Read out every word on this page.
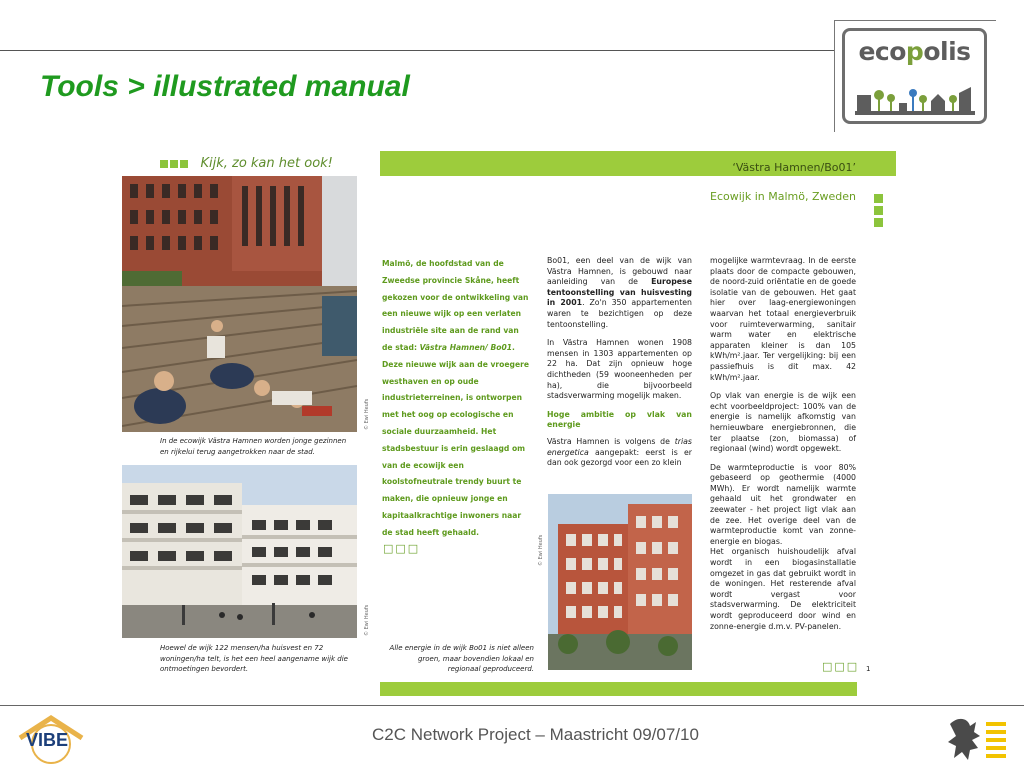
Tools > illustrated manual
ecopolis
© Ewi Heufs
In de ecowijk Västra Hamnen worden jonge gezinnen en rijkelui terug aangetrokken naar de stad.
© Ewi Heufs
Hoewel de wijk 122 mensen/ha huisvest en 72 woningen/ha telt, is het een heel aangename wijk die ontmoetingen bevordert.
Kijk, zo kan het ook!	‘Västra Hamnen/Bo01’
Ecowijk in Malmö, Zweden
Malmö, de hoofdstad van de Zweedse provincie Skåne, heeft gekozen voor de ontwikkeling van een nieuwe wijk op een verlaten industriële site aan de rand van de stad: Västra Hamnen/ Bo01. Deze nieuwe wijk aan de vroegere westhaven en op oude industrieterreinen, is ontworpen met het oog op ecologische en sociale duurzaamheid. Het stadsbestuur is erin geslaagd om van de ecowijk een koolstofneutrale trendy buurt te maken, die opnieuw jonge en kapitaalkrachtige inwoners naar de stad heeft gehaald.
□□□

Bo01, een deel van de wijk van Västra Hamnen, is gebouwd naar aanleiding van de Europese tentoonstelling van huisvesting in 2001. Zo'n 350 appartementen waren te bezichtigen op deze tentoonstelling.

In Västra Hamnen wonen 1908 mensen in 1303 appartementen op 22 ha. Dat zijn opnieuw hoge dichtheden (59 wooneenheden per ha), die bijvoorbeeld stadsverwarming mogelijk maken.

Hoge ambitie op vlak van energie

Västra Hamnen is volgens de trias energetica aangepakt: eerst is er dan ook gezorgd voor een zo klein

© Ewi Heufs
Alle energie in de wijk Bo01 is niet alleen groen, maar bovendien lokaal en regionaal geproduceerd.

mogelijke warmtevraag. In de eerste plaats door de compacte gebouwen, de noord-zuid oriëntatie en de goede isolatie van de gebouwen. Het gaat hier over laag-energiewoningen waarvan het totaal energieverbruik voor ruimteverwarming, sanitair warm water en elektrische apparaten kleiner is dan 105 kWh/m².jaar. Ter vergelijking: bij een passiefhuis is dit max. 42 kWh/m².jaar.

Op vlak van energie is de wijk een echt voorbeeldproject: 100% van de energie is namelijk afkomstig van hernieuwbare energiebronnen, die ter plaatse (zon, biomassa) of regionaal (wind) wordt opgewekt.

De warmteproductie is voor 80% gebaseerd op geothermie (4000 MWh). Er wordt namelijk warmte gehaald uit het grondwater en zeewater - het project ligt vlak aan de zee. Het overige deel van de warmteproductie komt van zonne-energie en biogas.

Het organisch huishoudelijk afval wordt in een biogasinstallatie omgezet in gas dat gebruikt wordt in de woningen. Het resterende afval wordt vergast voor stadsverwarming. De elektriciteit wordt geproduceerd door wind en zonne-energie d.m.v. PV-panelen.

□□□ 1
VIBE	C2C Network Project – Maastricht 09/07/10
